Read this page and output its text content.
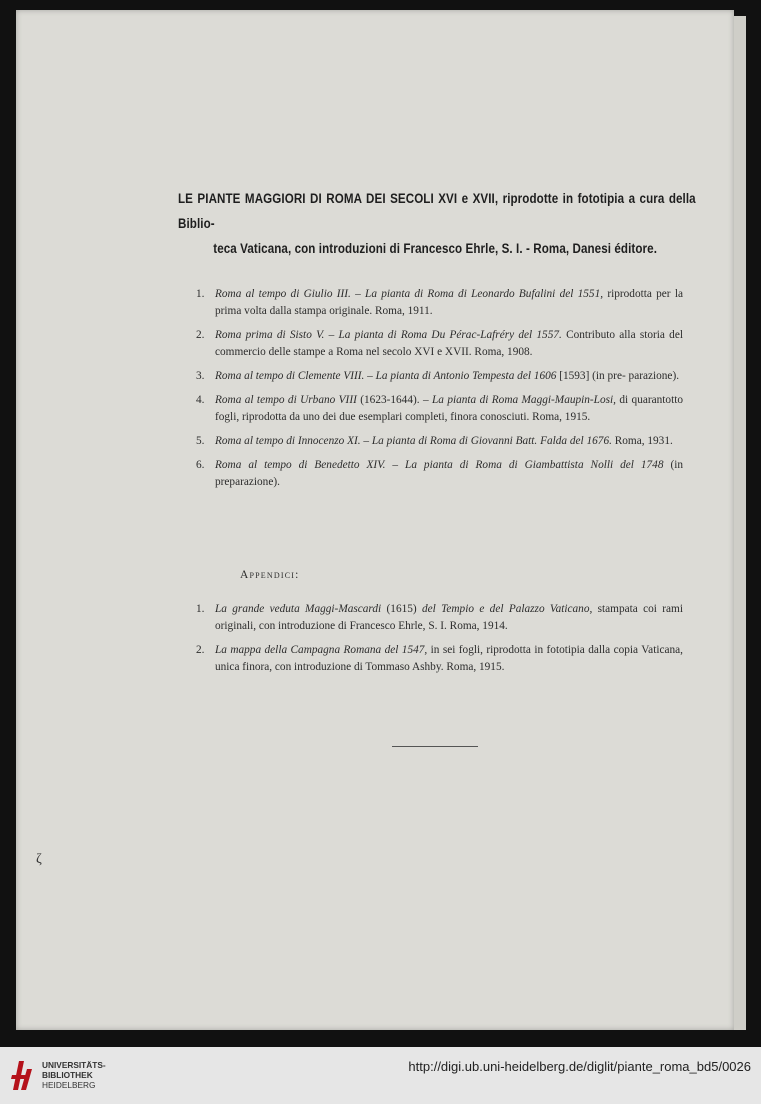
LE PIANTE MAGGIORI DI ROMA DEI SECOLI XVI e XVII, riprodotte in fototipia a cura della Biblio-
teca Vaticana, con introduzioni di Francesco Ehrle, S. I. - Roma, Danesi éditore.
1. Roma al tempo di Giulio III. – La pianta di Roma di Leonardo Bufalini del 1551, riprodotta per la prima volta dalla stampa originale. Roma, 1911.
2. Roma prima di Sisto V. – La pianta di Roma Du Pérac-Lafréry del 1557. Contributo alla storia del commercio delle stampe a Roma nel secolo XVI e XVII. Roma, 1908.
3. Roma al tempo di Clemente VIII. – La pianta di Antonio Tempesta del 1606 [1593] (in pre- parazione).
4. Roma al tempo di Urbano VIII (1623-1644). – La pianta di Roma Maggi-Maupin-Losi, di quarantotto fogli, riprodotta da uno dei due esemplari completi, finora conosciuti. Roma, 1915.
5. Roma al tempo di Innocenzo XI. – La pianta di Roma di Giovanni Batt. Falda del 1676. Roma, 1931.
6. Roma al tempo di Benedetto XIV. – La pianta di Roma di Giambattista Nolli del 1748 (in preparazione).
Appendici:
1. La grande veduta Maggi-Mascardi (1615) del Tempio e del Palazzo Vaticano, stampata coi rami originali, con introduzione di Francesco Ehrle, S. I. Roma, 1914.
2. La mappa della Campagna Romana del 1547, in sei fogli, riprodotta in fototipia dalla copia Vaticana, unica finora, con introduzione di Tommaso Ashby. Roma, 1915.
ζ
UNIVERSITÄTS-
BIBLIOTHEK
HEIDELBERG
http://digi.ub.uni-heidelberg.de/diglit/piante_roma_bd5/0026
